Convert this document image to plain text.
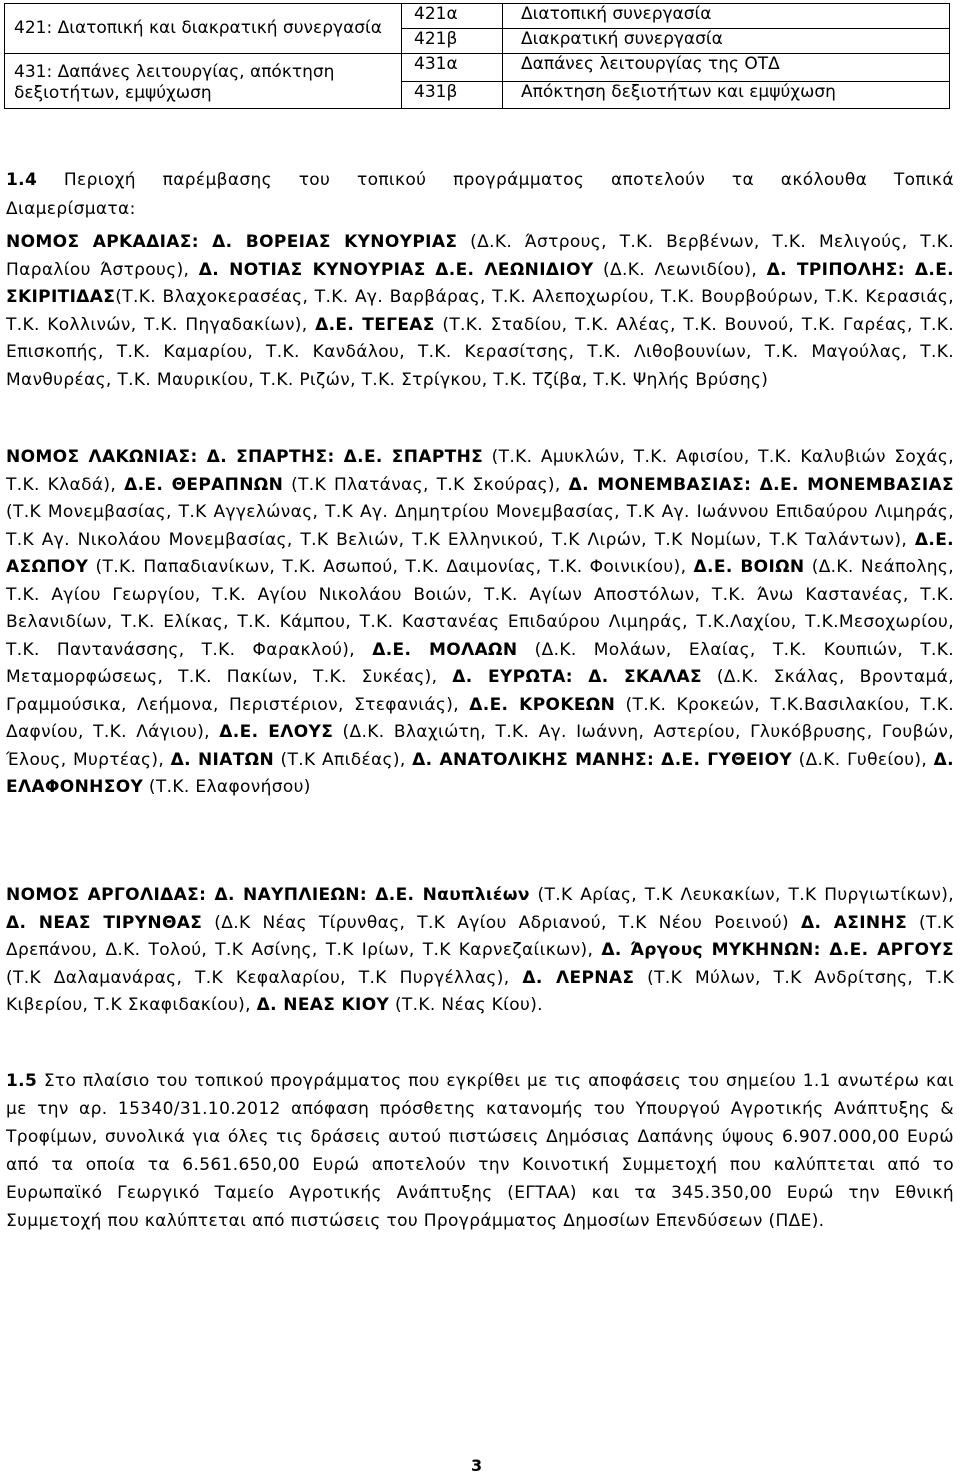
421: Διατοπική και διακρατική συνεργασία	421α	Διατοπική συνεργασία
	421β	Διακρατική συνεργασία
431: Δαπάνες λειτουργίας, απόκτηση δεξιοτήτων, εμψύχωση	431α	Δαπάνες λειτουργίας της ΟΤΔ
	431β	Απόκτηση δεξιοτήτων και εμψύχωση

1.4 Περιοχή παρέμβασης του τοπικού προγράμματος αποτελούν τα ακόλουθα Τοπικά Διαμερίσματα:

ΝΟΜΟΣ ΑΡΚΑΔΙΑΣ: Δ. ΒΟΡΕΙΑΣ ΚΥΝΟΥΡΙΑΣ (Δ.Κ. Άστρους, Τ.Κ. Βερβένων, Τ.Κ. Μελιγούς, Τ.Κ. Παραλίου Άστρους), Δ. ΝΟΤΙΑΣ ΚΥΝΟΥΡΙΑΣ Δ.Ε. ΛΕΩΝΙΔΙΟΥ (Δ.Κ. Λεωνιδίου), Δ. ΤΡΙΠΟΛΗΣ: Δ.Ε. ΣΚΙΡΙΤΙΔΑΣ(Τ.Κ. Βλαχοκερασέας, Τ.Κ. Αγ. Βαρβάρας, Τ.Κ. Αλεποχωρίου, Τ.Κ. Βουρβούρων, Τ.Κ. Κερασιάς, Τ.Κ. Κολλινών, Τ.Κ. Πηγαδακίων), Δ.Ε. ΤΕΓΕΑΣ (Τ.Κ. Σταδίου, Τ.Κ. Αλέας, Τ.Κ. Βουνού, Τ.Κ. Γαρέας, Τ.Κ. Επισκοπής, Τ.Κ. Καμαρίου, Τ.Κ. Κανδάλου, Τ.Κ. Κερασίτσης, Τ.Κ. Λιθοβουνίων, Τ.Κ. Μαγούλας, Τ.Κ. Μανθυρέας, Τ.Κ. Μαυρικίου, Τ.Κ. Ριζών, Τ.Κ. Στρίγκου, Τ.Κ. Τζίβα, Τ.Κ. Ψηλής Βρύσης)

ΝΟΜΟΣ ΛΑΚΩΝΙΑΣ: Δ. ΣΠΑΡΤΗΣ: Δ.Ε. ΣΠΑΡΤΗΣ (Τ.Κ. Αμυκλών, Τ.Κ. Αφισίου, Τ.Κ. Καλυβιών Σοχάς, Τ.Κ. Κλαδά), Δ.Ε. ΘΕΡΑΠΝΩΝ (Τ.Κ Πλατάνας, Τ.Κ Σκούρας), Δ. ΜΟΝΕΜΒΑΣΙΑΣ: Δ.Ε. ΜΟΝΕΜΒΑΣΙΑΣ (Τ.Κ Μονεμβασίας, Τ.Κ Αγγελώνας, Τ.Κ Αγ. Δημητρίου Μονεμβασίας, Τ.Κ Αγ. Ιωάννου Επιδαύρου Λιμηράς, Τ.Κ Αγ. Νικολάου Μονεμβασίας, Τ.Κ Βελιών, Τ.Κ Ελληνικού, Τ.Κ Λιρών, Τ.Κ Νομίων, Τ.Κ Ταλάντων), Δ.Ε. ΑΣΩΠΟΥ (Τ.Κ. Παπαδιανίκων, Τ.Κ. Ασωπού, Τ.Κ. Δαιμονίας, Τ.Κ. Φοινικίου), Δ.Ε. ΒΟΙΩΝ (Δ.Κ. Νεάπολης, Τ.Κ. Αγίου Γεωργίου, Τ.Κ. Αγίου Νικολάου Βοιών, Τ.Κ. Αγίων Αποστόλων, Τ.Κ. Άνω Καστανέας, Τ.Κ. Βελανιδίων, Τ.Κ. Ελίκας, Τ.Κ. Κάμπου, Τ.Κ. Καστανέας Επιδαύρου Λιμηράς, Τ.Κ.Λαχίου, Τ.Κ.Μεσοχωρίου, Τ.Κ. Παντανάσσης, Τ.Κ. Φαρακλού), Δ.Ε. ΜΟΛΑΩΝ (Δ.Κ. Μολάων, Ελαίας, Τ.Κ. Κουπιών, Τ.Κ. Μεταμορφώσεως, Τ.Κ. Πακίων, Τ.Κ. Συκέας), Δ. ΕΥΡΩΤΑ: Δ. ΣΚΑΛΑΣ (Δ.Κ. Σκάλας, Βρονταμά, Γραμμούσικα, Λεήμονα, Περιστέριον, Στεφανιάς), Δ.Ε. ΚΡΟΚΕΩΝ (Τ.Κ. Κροκεών, Τ.Κ.Βασιλακίου, Τ.Κ. Δαφνίου, Τ.Κ. Λάγιου), Δ.Ε. ΕΛΟΥΣ (Δ.Κ. Βλαχιώτη, Τ.Κ. Αγ. Ιωάννη, Αστερίου, Γλυκόβρυσης, Γουβών, Έλους, Μυρτέας), Δ. ΝΙΑΤΩΝ (Τ.Κ Απιδέας), Δ. ΑΝΑΤΟΛΙΚΗΣ ΜΑΝΗΣ: Δ.Ε. ΓΥΘΕΙΟΥ (Δ.Κ. Γυθείου), Δ. ΕΛΑΦΟΝΗΣΟΥ (Τ.Κ. Ελαφονήσου)

ΝΟΜΟΣ ΑΡΓΟΛΙΔΑΣ: Δ. ΝΑΥΠΛΙΕΩΝ: Δ.Ε. Ναυπλιέων (Τ.Κ Αρίας, Τ.Κ Λευκακίων, Τ.Κ Πυργιωτίκων), Δ. ΝΕΑΣ ΤΙΡΥΝΘΑΣ (Δ.Κ Νέας Τίρυνθας, Τ.Κ Αγίου Αδριανού, Τ.Κ Νέου Ροεινού) Δ. ΑΣΙΝΗΣ (Τ.Κ Δρεπάνου, Δ.Κ. Τολού, Τ.Κ Ασίνης, Τ.Κ Ιρίων, Τ.Κ Καρνεζαίικων), Δ. Άργους ΜΥΚΗΝΩΝ: Δ.Ε. ΑΡΓΟΥΣ (Τ.Κ Δαλαμανάρας, Τ.Κ Κεφαλαρίου, Τ.Κ Πυργέλλας), Δ. ΛΕΡΝΑΣ (Τ.Κ Μύλων, Τ.Κ Ανδρίτσης, Τ.Κ Κιβερίου, Τ.Κ Σκαφιδακίου), Δ. ΝΕΑΣ ΚΙΟΥ (Τ.Κ. Νέας Κίου).

1.5 Στο πλαίσιο του τοπικού προγράμματος που εγκρίθει με τις αποφάσεις του σημείου 1.1 ανωτέρω και με την αρ. 15340/31.10.2012 απόφαση πρόσθετης κατανομής του Υπουργού Αγροτικής Ανάπτυξης & Τροφίμων, συνολικά για όλες τις δράσεις αυτού πιστώσεις Δημόσιας Δαπάνης ύψους 6.907.000,00 Ευρώ από τα οποία τα 6.561.650,00 Ευρώ αποτελούν την Κοινοτική Συμμετοχή που καλύπτεται από το Ευρωπαϊκό Γεωργικό Ταμείο Αγροτικής Ανάπτυξης (ΕΓΤΑΑ) και τα 345.350,00 Ευρώ την Εθνική Συμμετοχή που καλύπτεται από πιστώσεις του Προγράμματος Δημοσίων Επενδύσεων (ΠΔΕ).

3
